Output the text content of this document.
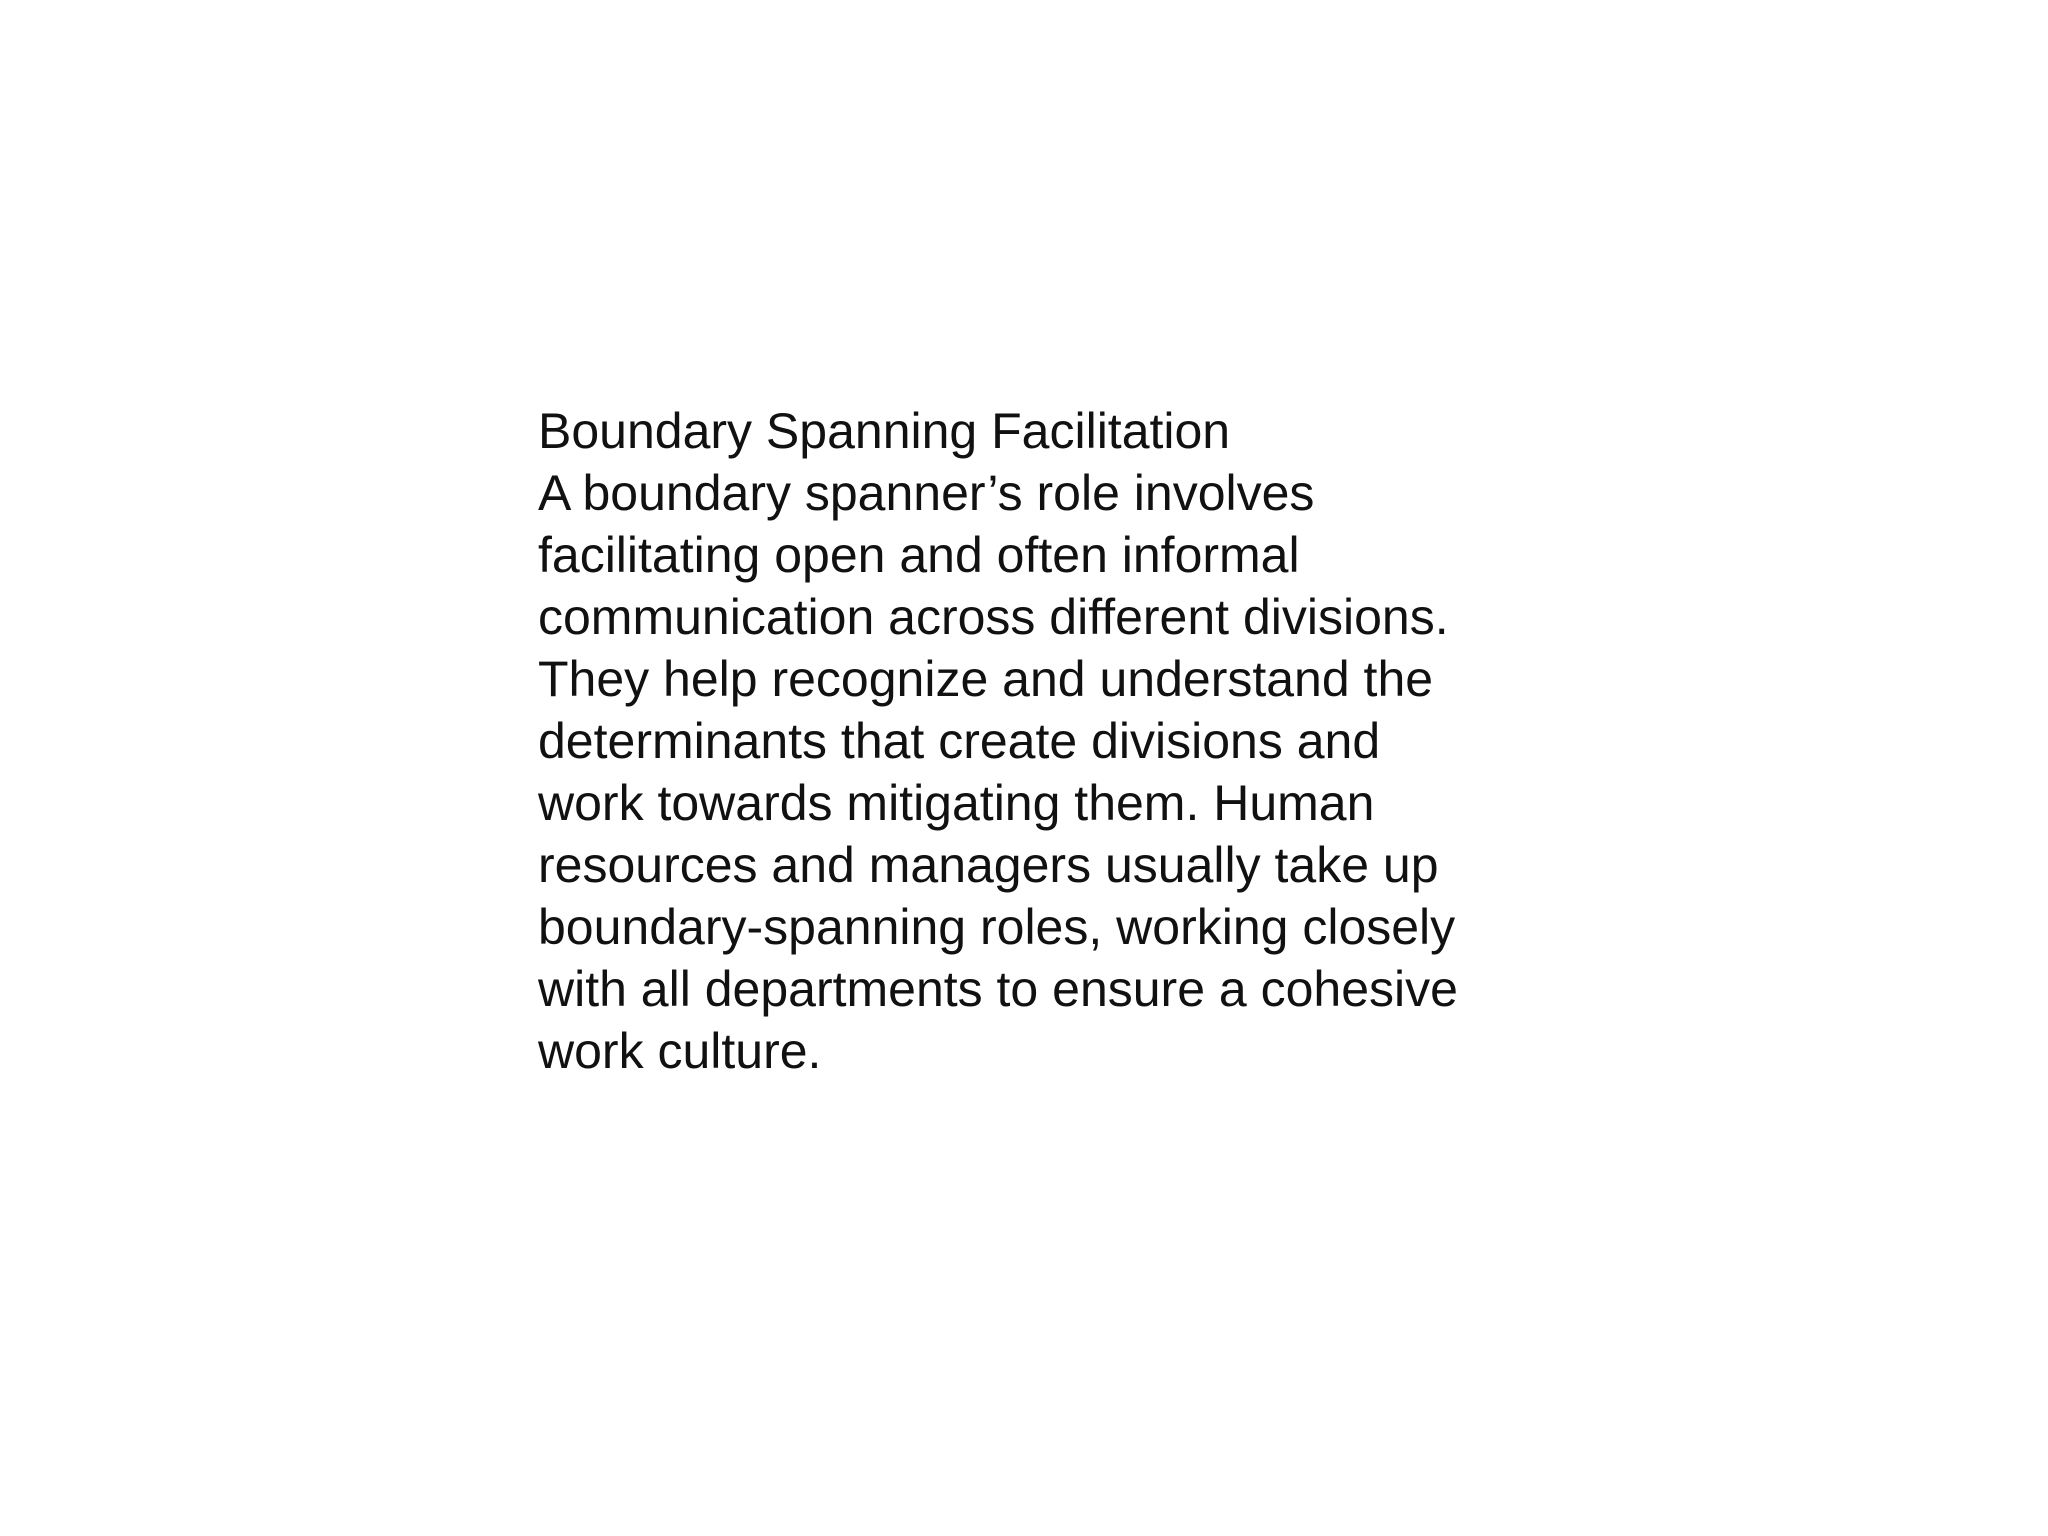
Boundary Spanning Facilitation
A boundary spanner’s role involves
facilitating open and often informal
communication across different divisions.
They help recognize and understand the
determinants that create divisions and
work towards mitigating them. Human
resources and managers usually take up
boundary-spanning roles, working closely
with all departments to ensure a cohesive
work culture.
